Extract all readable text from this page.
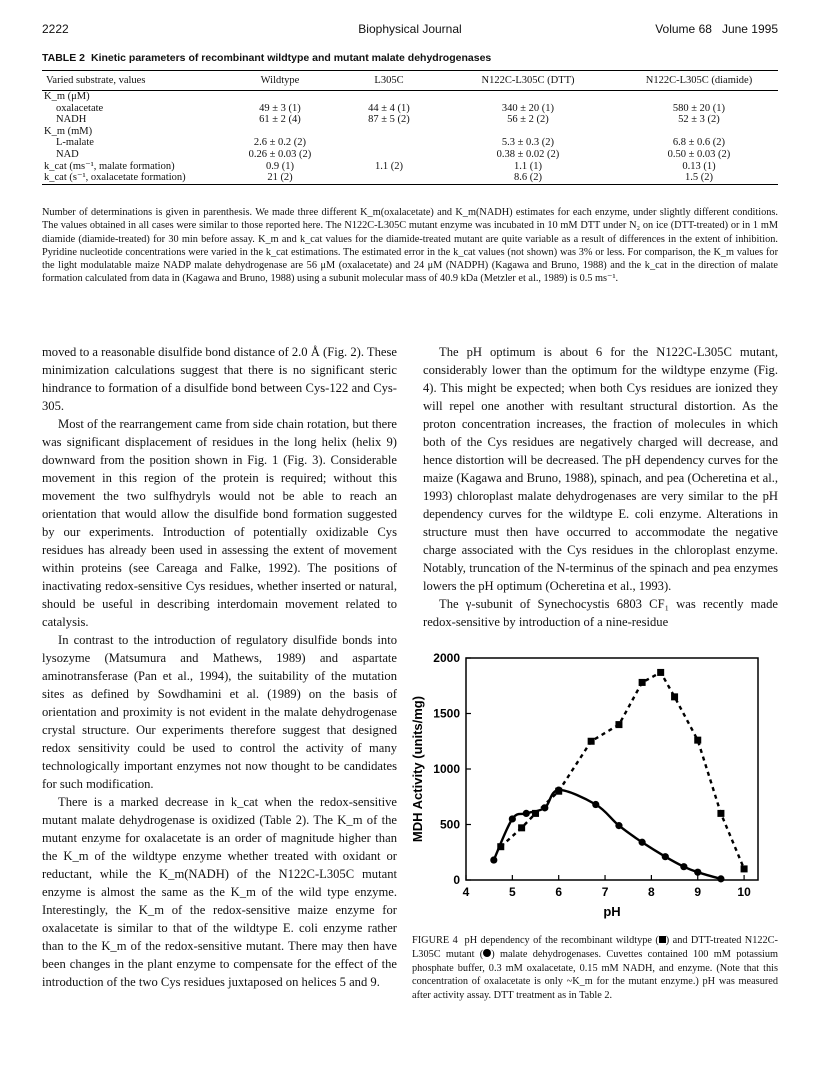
2222	Biophysical Journal	Volume 68 June 1995
TABLE 2 Kinetic parameters of recombinant wildtype and mutant malate dehydrogenases
Varied substrate, values	Wildtype	L305C	N122C-L305C (DTT)	N122C-L305C (diamide)
K_m (μM)				
oxalacetate	49 ± 3 (1)	44 ± 4 (1)	340 ± 20 (1)	580 ± 20 (1)
NADH	61 ± 2 (4)	87 ± 5 (2)	56 ± 2 (2)	52 ± 3 (2)
K_m (mM)				
L-malate	2.6 ± 0.2 (2)		5.3 ± 0.3 (2)	6.8 ± 0.6 (2)
NAD	0.26 ± 0.03 (2)		0.38 ± 0.02 (2)	0.50 ± 0.03 (2)
k_cat (ms⁻¹, malate formation)	0.9 (1)	1.1 (2)	1.1 (1)	0.13 (1)
k_cat (s⁻¹, oxalacetate formation)	21 (2)		8.6 (2)	1.5 (2)
Number of determinations is given in parenthesis. We made three different K_m(oxalacetate) and K_m(NADH) estimates for each enzyme, under slightly different conditions. The values obtained in all cases were similar to those reported here. The N122C-L305C mutant enzyme was incubated in 10 mM DTT under N₂ on ice (DTT-treated) or in 1 mM diamide (diamide-treated) for 30 min before assay. K_m and k_cat values for the diamide-treated mutant are quite variable as a result of differences in the extent of inhibition. Pyridine nucleotide concentrations were varied in the k_cat estimations. The estimated error in the k_cat values (not shown) was 3% or less. For comparison, the K_m values for the light modulatable maize NADP malate dehydrogenase are 56 μM (oxalacetate) and 24 μM (NADPH) (Kagawa and Bruno, 1988) and the k_cat in the direction of malate formation calculated from data in (Kagawa and Bruno, 1988) using a subunit molecular mass of 40.9 kDa (Metzler et al., 1989) is 0.5 ms⁻¹.

moved to a reasonable disulfide bond distance of 2.0 Å (Fig. 2). These minimization calculations suggest that there is no significant steric hindrance to formation of a disulfide bond between Cys-122 and Cys-305.

Most of the rearrangement came from side chain rotation, but there was significant displacement of residues in the long helix (helix 9) downward from the position shown in Fig. 1 (Fig. 3). Considerable movement in this region of the protein is required; without this movement the two sulfhydryls would not be able to reach an orientation that would allow the disulfide bond formation suggested by our experiments. Introduction of potentially oxidizable Cys residues has already been used in assessing the extent of movement within proteins (see Careaga and Falke, 1992). The positions of inactivating redox-sensitive Cys residues, whether inserted or natural, should be useful in describing interdomain movement related to catalysis.

In contrast to the introduction of regulatory disulfide bonds into lysozyme (Matsumura and Mathews, 1989) and aspartate aminotransferase (Pan et al., 1994), the suitability of the mutation sites as defined by Sowdhamini et al. (1989) on the basis of orientation and proximity is not evident in the malate dehydrogenase crystal structure. Our experiments therefore suggest that designed redox sensitivity could be used to control the activity of many technologically important enzymes not now thought to be candidates for such modification.

There is a marked decrease in k_cat when the redox-sensitive mutant malate dehydrogenase is oxidized (Table 2). The K_m of the mutant enzyme for oxalacetate is an order of magnitude higher than the K_m of the wildtype enzyme whether treated with oxidant or reductant, while the K_m(NADH) of the N122C-L305C mutant enzyme is almost the same as the K_m of the wild type enzyme. Interestingly, the K_m of the redox-sensitive maize enzyme for oxalacetate is similar to that of the wildtype E. coli enzyme rather than to the K_m of the redox-sensitive mutant. There may then have been changes in the plant enzyme to compensate for the effect of the introduction of the two Cys residues juxtaposed on helices 5 and 9.

The pH optimum is about 6 for the N122C-L305C mutant, considerably lower than the optimum for the wildtype enzyme (Fig. 4). This might be expected; when both Cys residues are ionized they will repel one another with resultant structural distortion. As the proton concentration increases, the fraction of molecules in which both of the Cys residues are negatively charged will decrease, and hence distortion will be decreased. The pH dependency curves for the maize (Kagawa and Bruno, 1988), spinach, and pea (Ocheretina et al., 1993) chloroplast malate dehydrogenases are very similar to the pH dependency curves for the wildtype E. coli enzyme. Alterations in structure must then have occurred to accommodate the negative charge associated with the Cys residues in the chloroplast enzyme. Notably, truncation of the N-terminus of the spinach and pea enzymes lowers the pH optimum (Ocheretina et al., 1993).

The γ-subunit of Synechocystis 6803 CF₁ was recently made redox-sensitive by introduction of a nine-residue

4	5	6	7	8	9	10
0
500
1000
1500
2000
pH
MDH Activity (units/mg)
FIGURE 4 pH dependency of the recombinant wildtype ( ) and DTT-treated N122C-L305C mutant ( ) malate dehydrogenases. Cuvettes contained 100 mM potassium phosphate buffer, 0.3 mM oxalacetate, 0.15 mM NADH, and enzyme. (Note that this concentration of oxalacetate is only ~K_m for the mutant enzyme.) pH was measured after activity assay. DTT treatment as in Table 2.
